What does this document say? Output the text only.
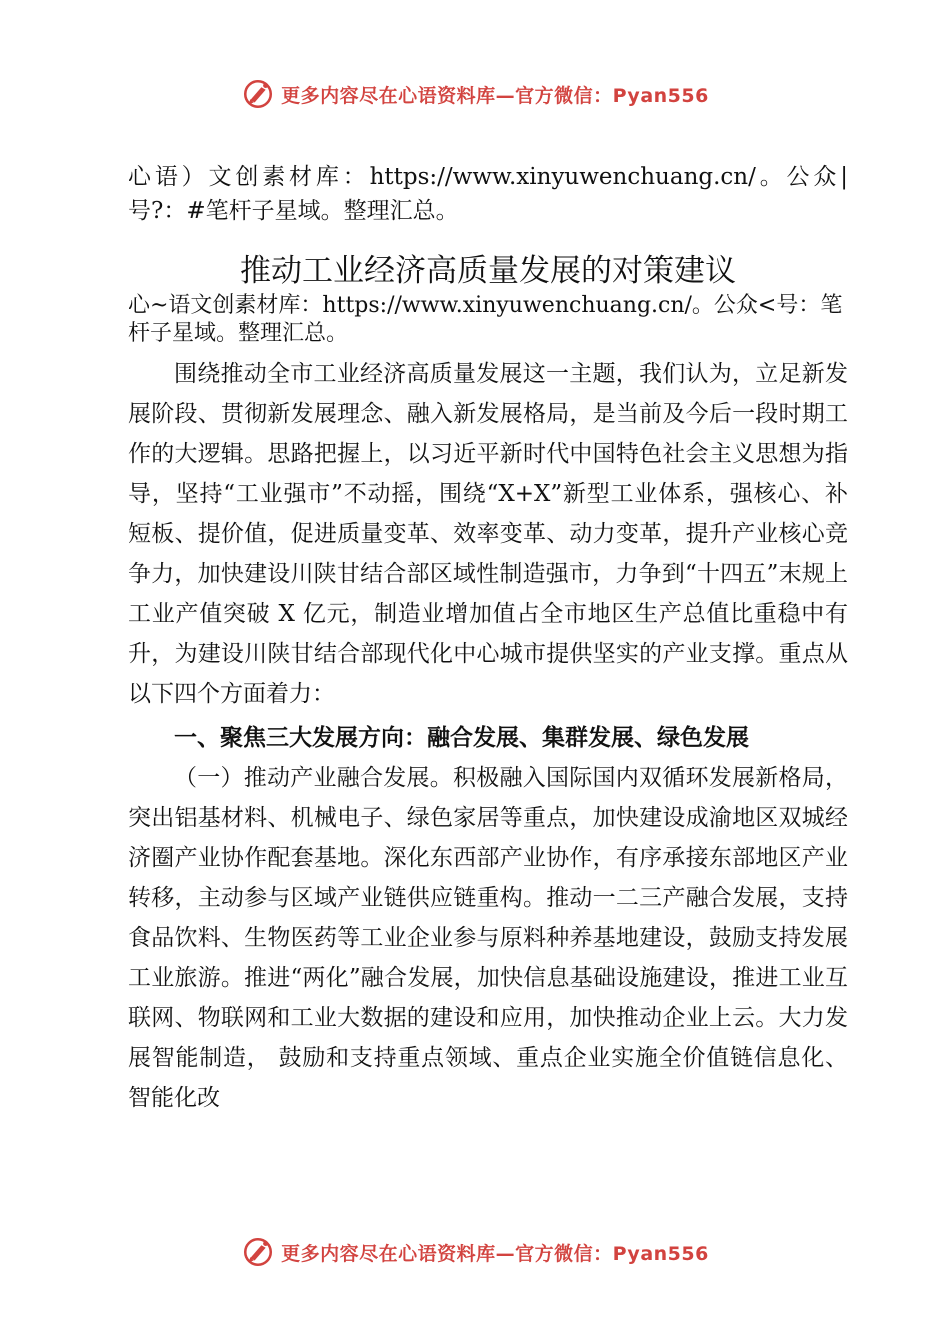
更多内容尽在心语资料库—官方微信：Pyan556

心语）文创素材库：https://www.xinyuwenchuang.cn/。公众|号?：#笔杆子星域。整理汇总。

推动工业经济高质量发展的对策建议

心~语文创素材库：https://www.xinyuwenchuang.cn/。公众<号：笔杆子星域。整理汇总。

围绕推动全市工业经济高质量发展这一主题，我们认为，立足新发展阶段、贯彻新发展理念、融入新发展格局，是当前及今后一段时期工作的大逻辑。思路把握上，以习近平新时代中国特色社会主义思想为指导，坚持“工业强市”不动摇，围绕“X+X”新型工业体系，强核心、补短板、提价值，促进质量变革、效率变革、动力变革，提升产业核心竞争力，加快建设川陕甘结合部区域性制造强市，力争到“十四五”末规上工业产值突破 X 亿元，制造业增加值占全市地区生产总值比重稳中有升，为建设川陕甘结合部现代化中心城市提供坚实的产业支撑。重点从以下四个方面着力：

一、聚焦三大发展方向：融合发展、集群发展、绿色发展

（一）推动产业融合发展。积极融入国际国内双循环发展新格局，突出铝基材料、机械电子、绿色家居等重点，加快建设成渝地区双城经济圈产业协作配套基地。深化东西部产业协作，有序承接东部地区产业转移，主动参与区域产业链供应链重构。推动一二三产融合发展，支持食品饮料、生物医药等工业企业参与原料种养基地建设，鼓励支持发展工业旅游。推进“两化”融合发展，加快信息基础设施建设，推进工业互联网、物联网和工业大数据的建设和应用，加快推动企业上云。大力发展智能制造， 鼓励和支持重点领域、重点企业实施全价值链信息化、智能化改

更多内容尽在心语资料库—官方微信：Pyan556
